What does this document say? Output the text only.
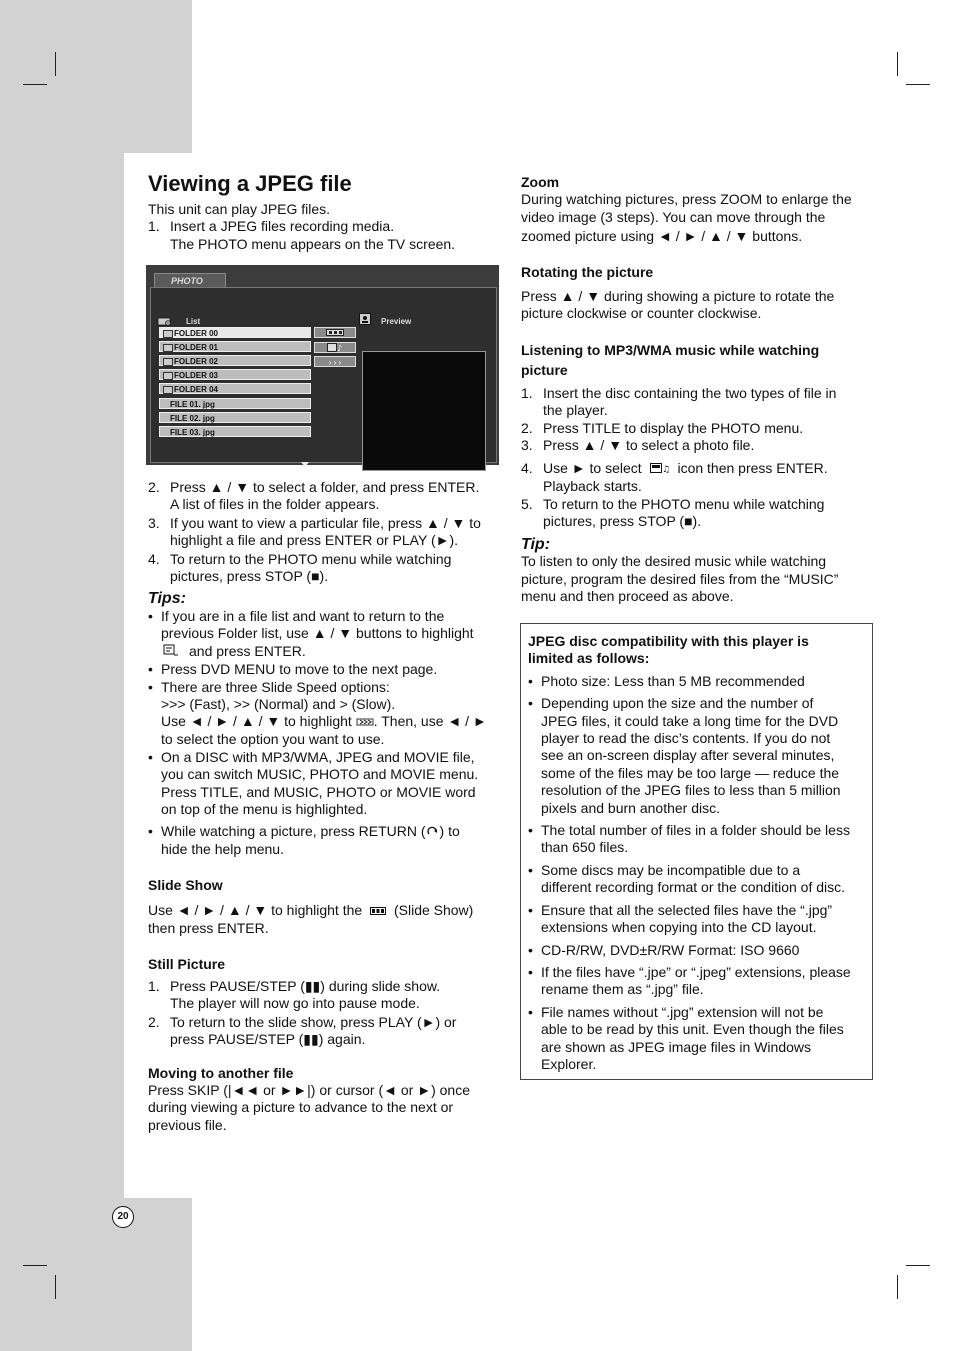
Viewing a JPEG file

This unit can play JPEG files.

1. Insert a JPEG files recording media.
The PHOTO menu appears on the TV screen.
PHOTO
List	Preview
FOLDER 00
FOLDER 01
FOLDER 02
FOLDER 03
FOLDER 04
FILE 01. jpg
FILE 02. jpg
FILE 03. jpg
♪
› › ›
2. Press ▲ / ▼ to select a folder, and press ENTER.
A list of files in the folder appears.
3. If you want to view a particular file, press ▲ / ▼ to
highlight a file and press ENTER or PLAY (►).
4. To return to the PHOTO menu while watching
pictures, press STOP (■).
Tips:
• If you are in a file list and want to return to the
previous Folder list, use ▲ / ▼ buttons to highlight
and press ENTER.
• Press DVD MENU to move to the next page.
• There are three Slide Speed options:
>>> (Fast), >> (Normal) and > (Slow).
Use ◄ / ► / ▲ / ▼ to highlight . Then, use ◄ / ►
to select the option you want to use.
• On a DISC with MP3/WMA, JPEG and MOVIE file,
you can switch MUSIC, PHOTO and MOVIE menu.
Press TITLE, and MUSIC, PHOTO or MOVIE word
on top of the menu is highlighted.
• While watching a picture, press RETURN ( ) to
hide the help menu.

Slide Show

Use ◄ / ► / ▲ / ▼ to highlight the (Slide Show)
then press ENTER.

Still Picture

1. Press PAUSE/STEP (▮▮) during slide show.
The player will now go into pause mode.
2. To return to the slide show, press PLAY (►) or
press PAUSE/STEP (▮▮) again.

Moving to another file

Press SKIP (|◄◄ or ►►|) or cursor (◄ or ►) once
during viewing a picture to advance to the next or
previous file.

Zoom

During watching pictures, press ZOOM to enlarge the
video image (3 steps). You can move through the
zoomed picture using ◄ / ► / ▲ / ▼ buttons.

Rotating the picture

Press ▲ / ▼ during showing a picture to rotate the
picture clockwise or counter clockwise.

Listening to MP3/WMA music while watching
picture

1. Insert the disc containing the two types of file in
the player.
2. Press TITLE to display the PHOTO menu.
3. Press ▲ / ▼ to select a photo file.
4. Use ► to select ♫ icon then press ENTER.
Playback starts.
5. To return to the PHOTO menu while watching
pictures, press STOP (■).
Tip:

To listen to only the desired music while watching
picture, program the desired files from the “MUSIC”
menu and then proceed as above.

JPEG disc compatibility with this player is
limited as follows:

• Photo size: Less than 5 MB recommended
• Depending upon the size and the number of
JPEG files, it could take a long time for the DVD
player to read the disc’s contents. If you do not
see an on-screen display after several minutes,
some of the files may be too large — reduce the
resolution of the JPEG files to less than 5 million
pixels and burn another disc.
• The total number of files in a folder should be less
than 650 files.
• Some discs may be incompatible due to a
different recording format or the condition of disc.
• Ensure that all the selected files have the “.jpg”
extensions when copying into the CD layout.
• CD-R/RW, DVD±R/RW Format: ISO 9660
• If the files have “.jpe” or “.jpeg” extensions, please
rename them as “.jpg” file.
• File names without “.jpg” extension will not be
able to be read by this unit. Even though the files
are shown as JPEG image files in Windows
Explorer.
20
